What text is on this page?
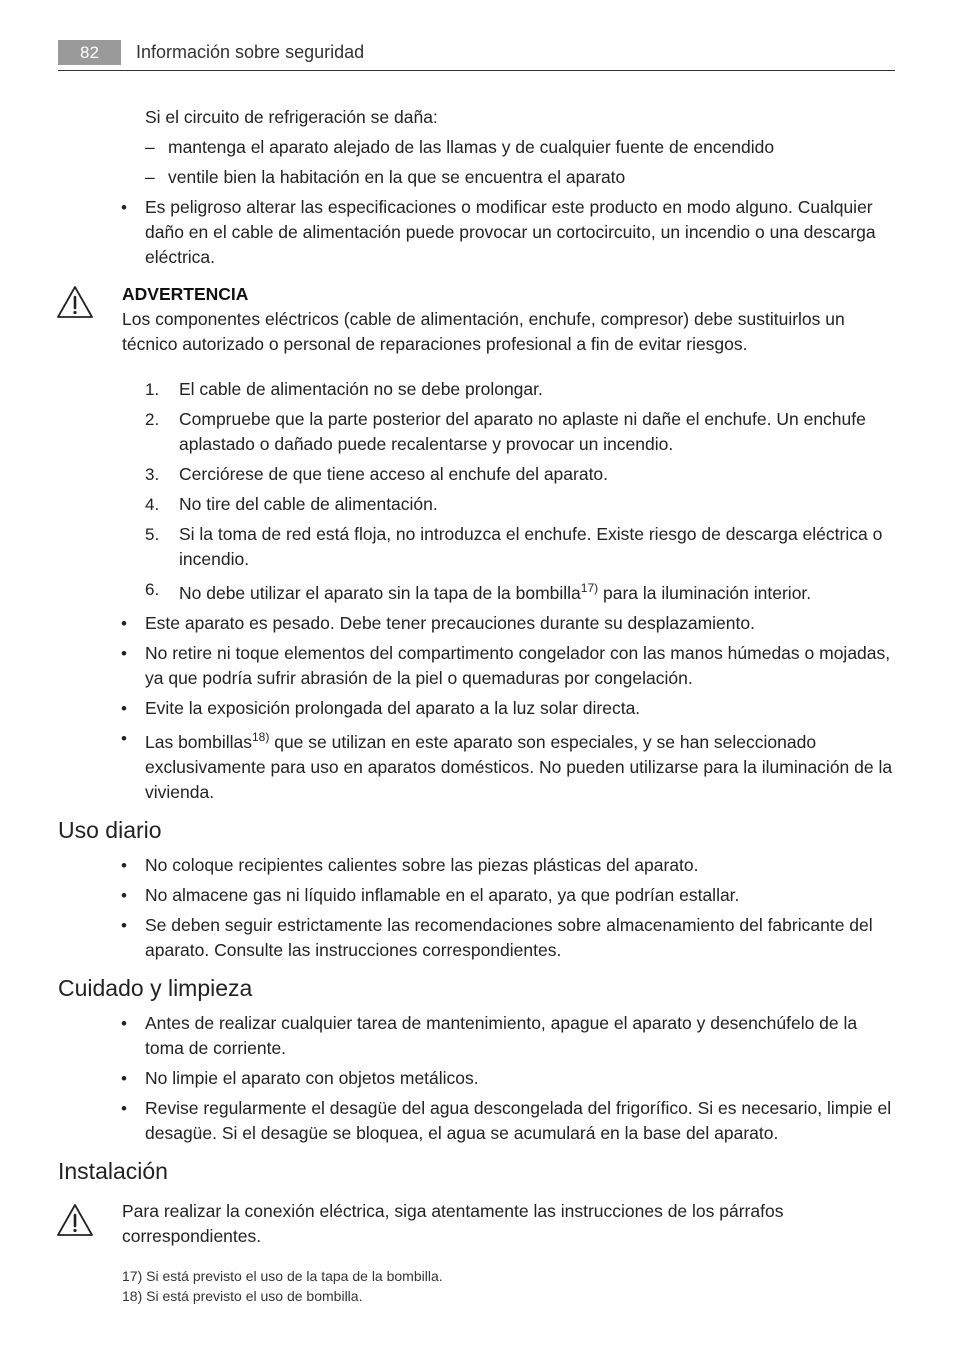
82	Información sobre seguridad
Si el circuito de refrigeración se daña:
– mantenga el aparato alejado de las llamas y de cualquier fuente de encendido
– ventile bien la habitación en la que se encuentra el aparato
• Es peligroso alterar las especificaciones o modificar este producto en modo alguno. Cualquier daño en el cable de alimentación puede provocar un cortocircuito, un incendio o una descarga eléctrica.
ADVERTENCIA
Los componentes eléctricos (cable de alimentación, enchufe, compresor) debe sustituirlos un técnico autorizado o personal de reparaciones profesional a fin de evitar riesgos.
1. El cable de alimentación no se debe prolongar.
2. Compruebe que la parte posterior del aparato no aplaste ni dañe el enchufe. Un enchufe aplastado o dañado puede recalentarse y provocar un incendio.
3. Cerciórese de que tiene acceso al enchufe del aparato.
4. No tire del cable de alimentación.
5. Si la toma de red está floja, no introduzca el enchufe. Existe riesgo de descarga eléctrica o incendio.
6. No debe utilizar el aparato sin la tapa de la bombilla$^{17)}$ para la iluminación interior.
• Este aparato es pesado. Debe tener precauciones durante su desplazamiento.
• No retire ni toque elementos del compartimento congelador con las manos húmedas o mojadas, ya que podría sufrir abrasión de la piel o quemaduras por congelación.
• Evite la exposición prolongada del aparato a la luz solar directa.
• Las bombillas$^{18)}$ que se utilizan en este aparato son especiales, y se han seleccionado exclusivamente para uso en aparatos domésticos. No pueden utilizarse para la iluminación de la vivienda.
Uso diario
• No coloque recipientes calientes sobre las piezas plásticas del aparato.
• No almacene gas ni líquido inflamable en el aparato, ya que podrían estallar.
• Se deben seguir estrictamente las recomendaciones sobre almacenamiento del fabricante del aparato. Consulte las instrucciones correspondientes.
Cuidado y limpieza
• Antes de realizar cualquier tarea de mantenimiento, apague el aparato y desenchúfelo de la toma de corriente.
• No limpie el aparato con objetos metálicos.
• Revise regularmente el desagüe del agua descongelada del frigorífico. Si es necesario, limpie el desagüe. Si el desagüe se bloquea, el agua se acumulará en la base del aparato.
Instalación
Para realizar la conexión eléctrica, siga atentamente las instrucciones de los párrafos correspondientes.
17) Si está previsto el uso de la tapa de la bombilla.
18) Si está previsto el uso de bombilla.
